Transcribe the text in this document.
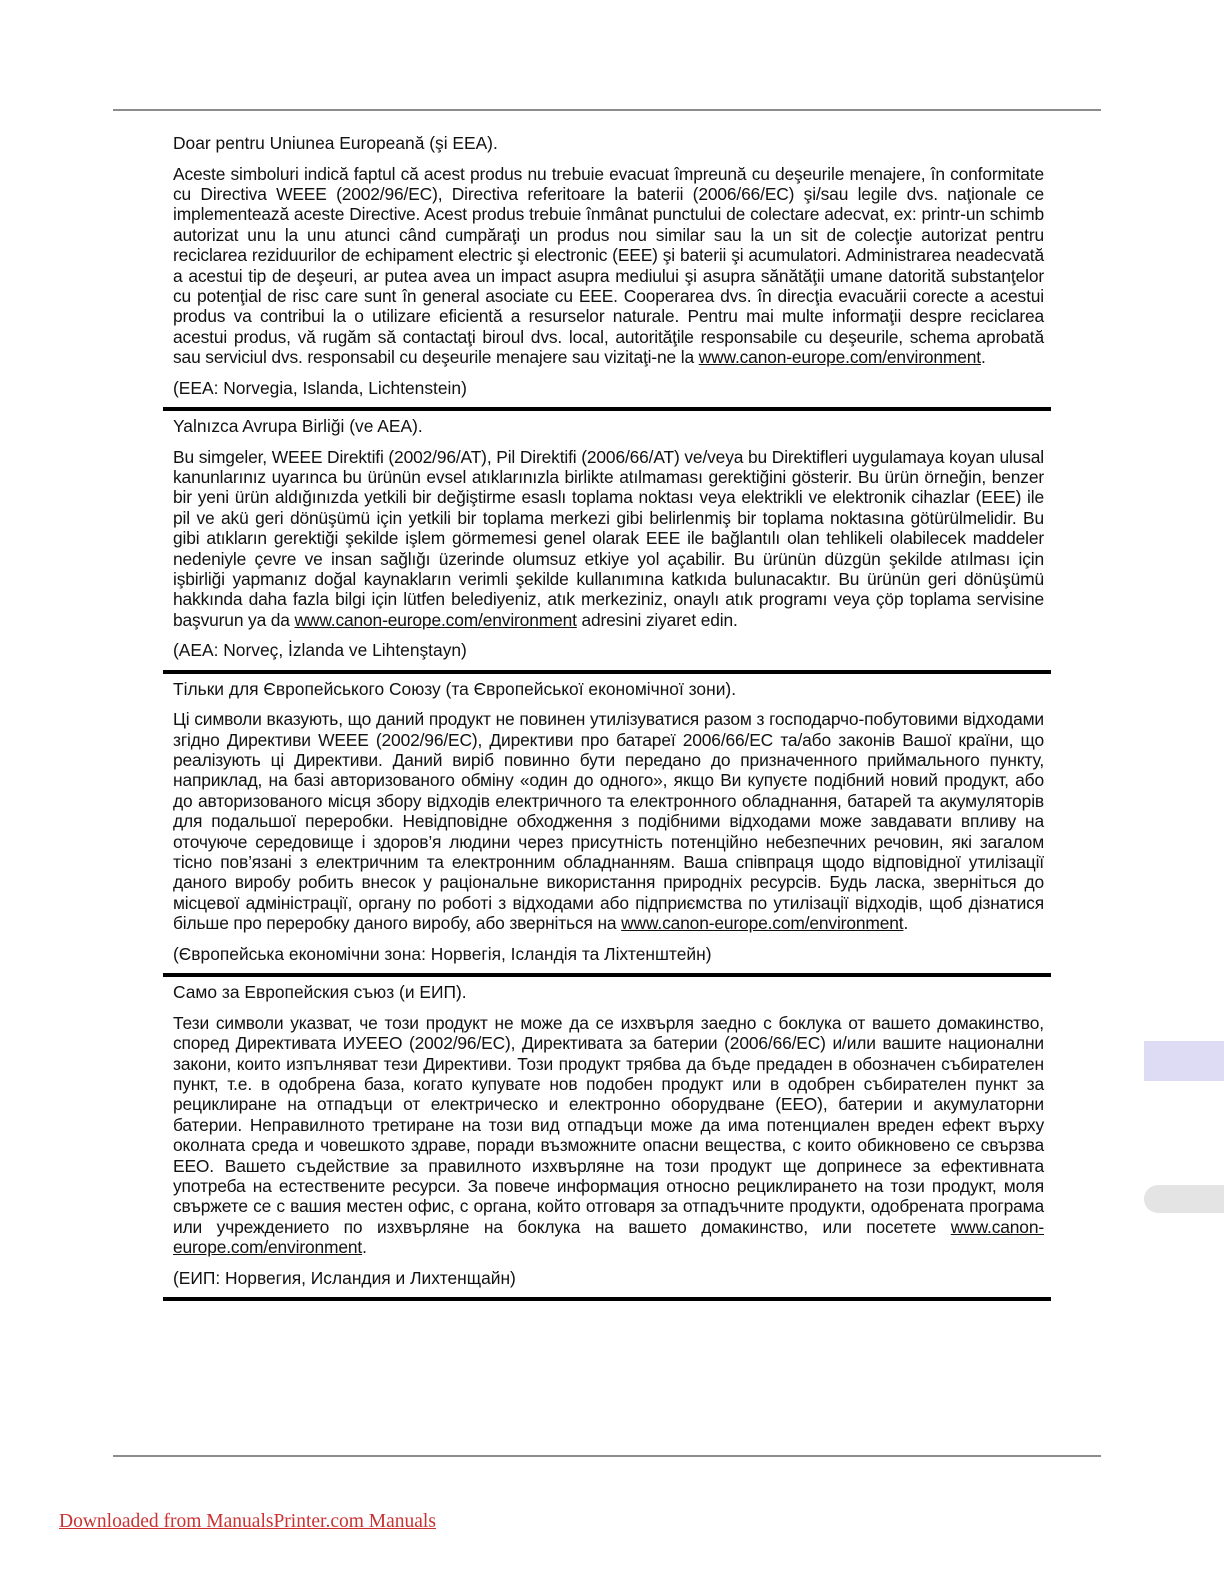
Doar pentru Uniunea Europeană (şi EEA).

Aceste simboluri indică faptul că acest produs nu trebuie evacuat împreună cu deşeurile menajere, în conformitate cu Directiva WEEE (2002/96/EC), Directiva referitoare la baterii (2006/66/EC) şi/sau legile dvs. naţionale ce implementează aceste Directive. Acest produs trebuie înmânat punctului de colectare adecvat, ex: printr-un schimb autorizat unu la unu atunci când cumpăraţi un produs nou similar sau la un sit de colecţie autorizat pentru reciclarea reziduurilor de echipament electric şi electronic (EEE) şi baterii şi acumulatori. Administrarea neadecvată a acestui tip de deşeuri, ar putea avea un impact asupra mediului şi asupra sănătăţii umane datorită substanţelor cu potenţial de risc care sunt în general asociate cu EEE. Cooperarea dvs. în direcţia evacuării corecte a acestui produs va contribui la o utilizare eficientă a resurselor naturale. Pentru mai multe informaţii despre reciclarea acestui produs, vă rugăm să contactaţi biroul dvs. local, autorităţile responsabile cu deşeurile, schema aprobată sau serviciul dvs. responsabil cu deşeurile menajere sau vizitaţi-ne la www.canon-europe.com/environment.

(EEA: Norvegia, Islanda, Lichtenstein)

Yalnızca Avrupa Birliği (ve AEA).

Bu simgeler, WEEE Direktifi (2002/96/AT), Pil Direktifi (2006/66/AT) ve/veya bu Direktifleri uygulamaya koyan ulusal kanunlarınız uyarınca bu ürünün evsel atıklarınızla birlikte atılmaması gerektiğini gösterir. Bu ürün örneğin, benzer bir yeni ürün aldığınızda yetkili bir değiştirme esaslı toplama noktası veya elektrikli ve elektronik cihazlar (EEE) ile pil ve akü geri dönüşümü için yetkili bir toplama merkezi gibi belirlenmiş bir toplama noktasına götürülmelidir. Bu gibi atıkların gerektiği şekilde işlem görmemesi genel olarak EEE ile bağlantılı olan tehlikeli olabilecek maddeler nedeniyle çevre ve insan sağlığı üzerinde olumsuz etkiye yol açabilir. Bu ürünün düzgün şekilde atılması için işbirliği yapmanız doğal kaynakların verimli şekilde kullanımına katkıda bulunacaktır. Bu ürünün geri dönüşümü hakkında daha fazla bilgi için lütfen belediyeniz, atık merkeziniz, onaylı atık programı veya çöp toplama servisine başvurun ya da www.canon-europe.com/environment adresini ziyaret edin.

(AEA: Norveç, İzlanda ve Lihtenştayn)

Тільки для Європейського Союзу (та Європейської економічної зони).

Ці символи вказують, що даний продукт не повинен утилізуватися разом з господарчо-побутовими відходами згідно Директиви WEEE (2002/96/EC), Директиви про батареї 2006/66/EC та/або законів Вашої країни, що реалізують ці Директиви. Даний виріб повинно бути передано до призначенного приймального пункту, наприклад, на базі авторизованого обміну «один до одного», якщо Ви купуєте подібний новий продукт, або до авторизованого місця збору відходів електричного та електронного обладнання, батарей та акумуляторів для подальшої переробки. Невідповідне обходження з подібними відходами може завдавати впливу на оточуюче середовище і здоров’я людини через присутність потенційно небезпечних речовин, які загалом тісно пов’язані з електричним та електронним обладнанням. Ваша співпраця щодо відповідної утилізації даного виробу робить внесок у раціональне використання природніх ресурсів. Будь ласка, зверніться до місцевої адміністрації, органу по роботі з відходами або підприємства по утилізації відходів, щоб дізнатися більше про переробку даного виробу, або зверніться на www.canon-europe.com/environment.

(Європейська економічни зона: Норвегія, Ісландія та Ліхтенштейн)

Само за Европейския съюз (и ЕИП).

Тези символи указват, че този продукт не може да се изхвърля заедно с боклука от вашето домакинство, според Директивата ИУЕЕО (2002/96/ЕС), Директивата за батерии (2006/66/ЕС) и/или вашите национални закони, които изпълняват тези Директиви. Този продукт трябва да бъде предаден в обозначен събирателен пункт, т.е. в одобрена база, когато купувате нов подобен продукт или в одобрен събирателен пункт за рециклиране на отпадъци от електрическо и електронно оборудване (ЕЕО), батерии и акумулаторни батерии. Неправилното третиране на този вид отпадъци може да има потенциален вреден ефект върху околната среда и човешкото здраве, поради възможните опасни вещества, с които обикновено се свързва ЕЕО. Вашето съдействие за правилното изхвърляне на този продукт ще допринесе за ефективната употреба на естествените ресурси. За повече информация относно рециклирането на този продукт, моля свържете се с вашия местен офис, с органа, който отговаря за отпадъчните продукти, одобрената програма или учреждението по изхвърляне на боклука на вашето домакинство, или посетете www.canon-europe.com/environment.

(ЕИП: Норвегия, Исландия и Лихтенщайн)

Downloaded from ManualsPrinter.com Manuals
